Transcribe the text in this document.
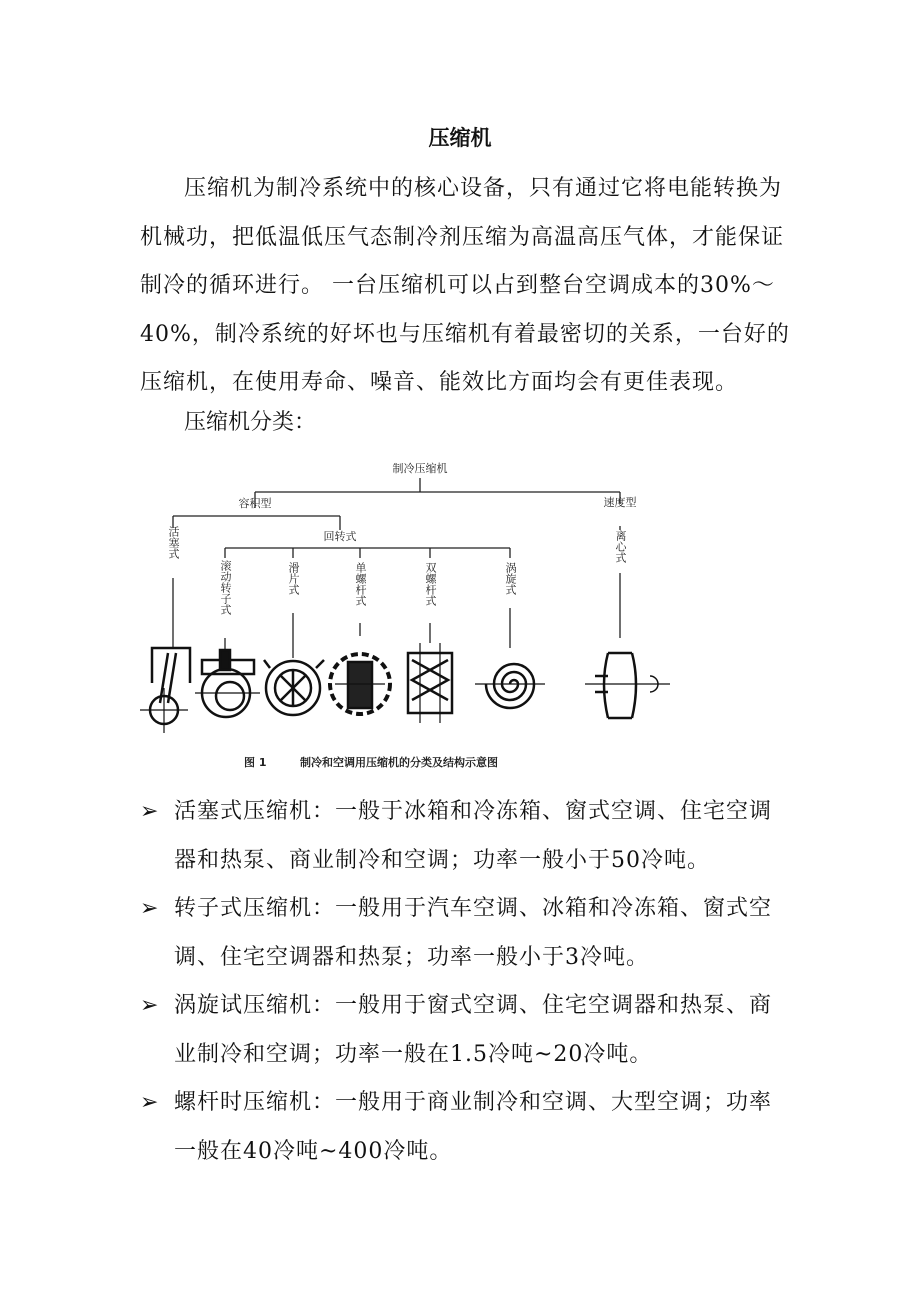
压缩机

压缩机为制冷系统中的核心设备，只有通过它将电能转换为机械功，把低温低压气态制冷剂压缩为高温高压气体，才能保证制冷的循环进行。 一台压缩机可以占到整台空调成本的30%～40%，制冷系统的好坏也与压缩机有着最密切的关系，一台好的压缩机，在使用寿命、噪音、能效比方面均会有更佳表现。

压缩机分类：
制冷压缩机
容积型	速度型
回转式
活塞式
滚动转子式	滑片式	单螺杆式	双螺杆式	涡旋式
离心式
图 1	制冷和空调用压缩机的分类及结构示意图
➢ 活塞式压缩机：一般于冰箱和冷冻箱、窗式空调、住宅空调器和热泵、商业制冷和空调；功率一般小于50冷吨。
➢ 转子式压缩机：一般用于汽车空调、冰箱和冷冻箱、窗式空调、住宅空调器和热泵；功率一般小于3冷吨。
➢ 涡旋试压缩机：一般用于窗式空调、住宅空调器和热泵、商业制冷和空调；功率一般在1.5冷吨~20冷吨。
➢ 螺杆时压缩机：一般用于商业制冷和空调、大型空调；功率一般在40冷吨~400冷吨。
